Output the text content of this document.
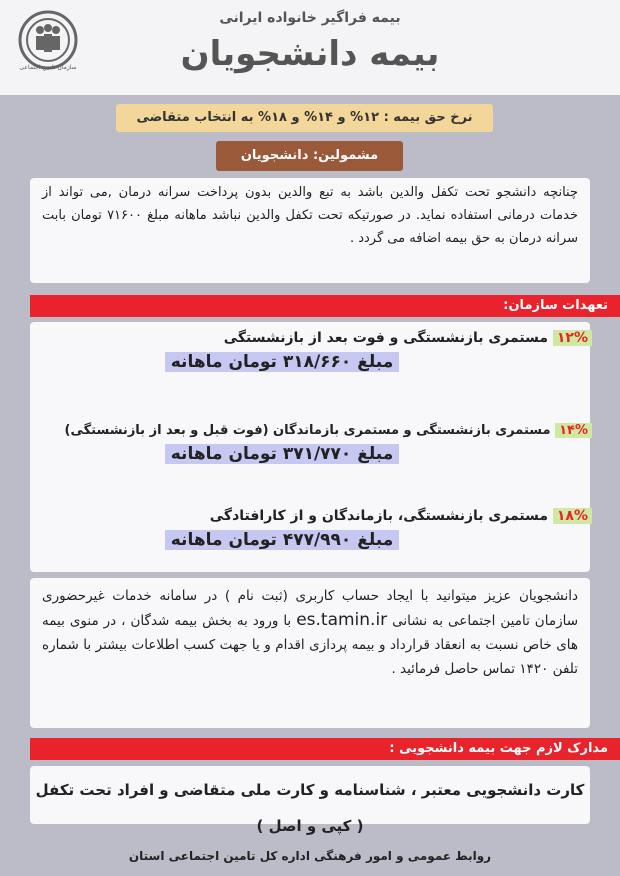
سازمان تامین اجتماعی
بیمه فراگیر خانواده ایرانی
بیمه دانشجویان
نرخ حق بیمه : ۱۲% و ۱۴% و ۱۸% به انتخاب متقاضی
مشمولین: دانشجویان
چنانچه دانشجو تحت تکفل والدین باشد به تبع والدین بدون پرداخت سرانه درمان ,می تواند از خدمات درمانی استفاده نماید. در صورتیکه تحت تکفل والدین نباشد ماهانه مبلغ ۷۱۶۰۰ تومان بابت سرانه درمان به حق بیمه اضافه می گردد .
تعهدات سازمان:
۱۲% مستمری بازنشستگی و فوت بعد از بازنشستگی
مبلغ ۳۱۸/۶۶۰ تومان ماهانه
۱۴% مستمری بازنشستگی و مستمری بازماندگان (فوت قبل و بعد از بازنشستگی)
مبلغ ۳۷۱/۷۷۰ تومان ماهانه
۱۸% مستمری بازنشستگی، بازماندگان و از کارافتادگی
مبلغ ۴۷۷/۹۹۰ تومان ماهانه
دانشجویان عزیز میتوانید با ایجاد حساب کاربری (ثبت نام ) در سامانه خدمات غیرحضوری سازمان تامین اجتماعی به نشانی es.tamin.ir با ورود به بخش بیمه شدگان ، در منوی بیمه های خاص نسبت به انعقاد قرارداد و بیمه پردازی اقدام و یا جهت کسب اطلاعات بیشتر با شماره تلفن ۱۴۲۰ تماس حاصل فرمائید .
مدارک لازم جهت بیمه دانشجویی :
کارت دانشجویی معتبر ، شناسنامه و کارت ملی متقاضی و افراد تحت تکفل ( کپی و اصل )
روابط عمومی و امور فرهنگی اداره کل تامین اجتماعی استان
